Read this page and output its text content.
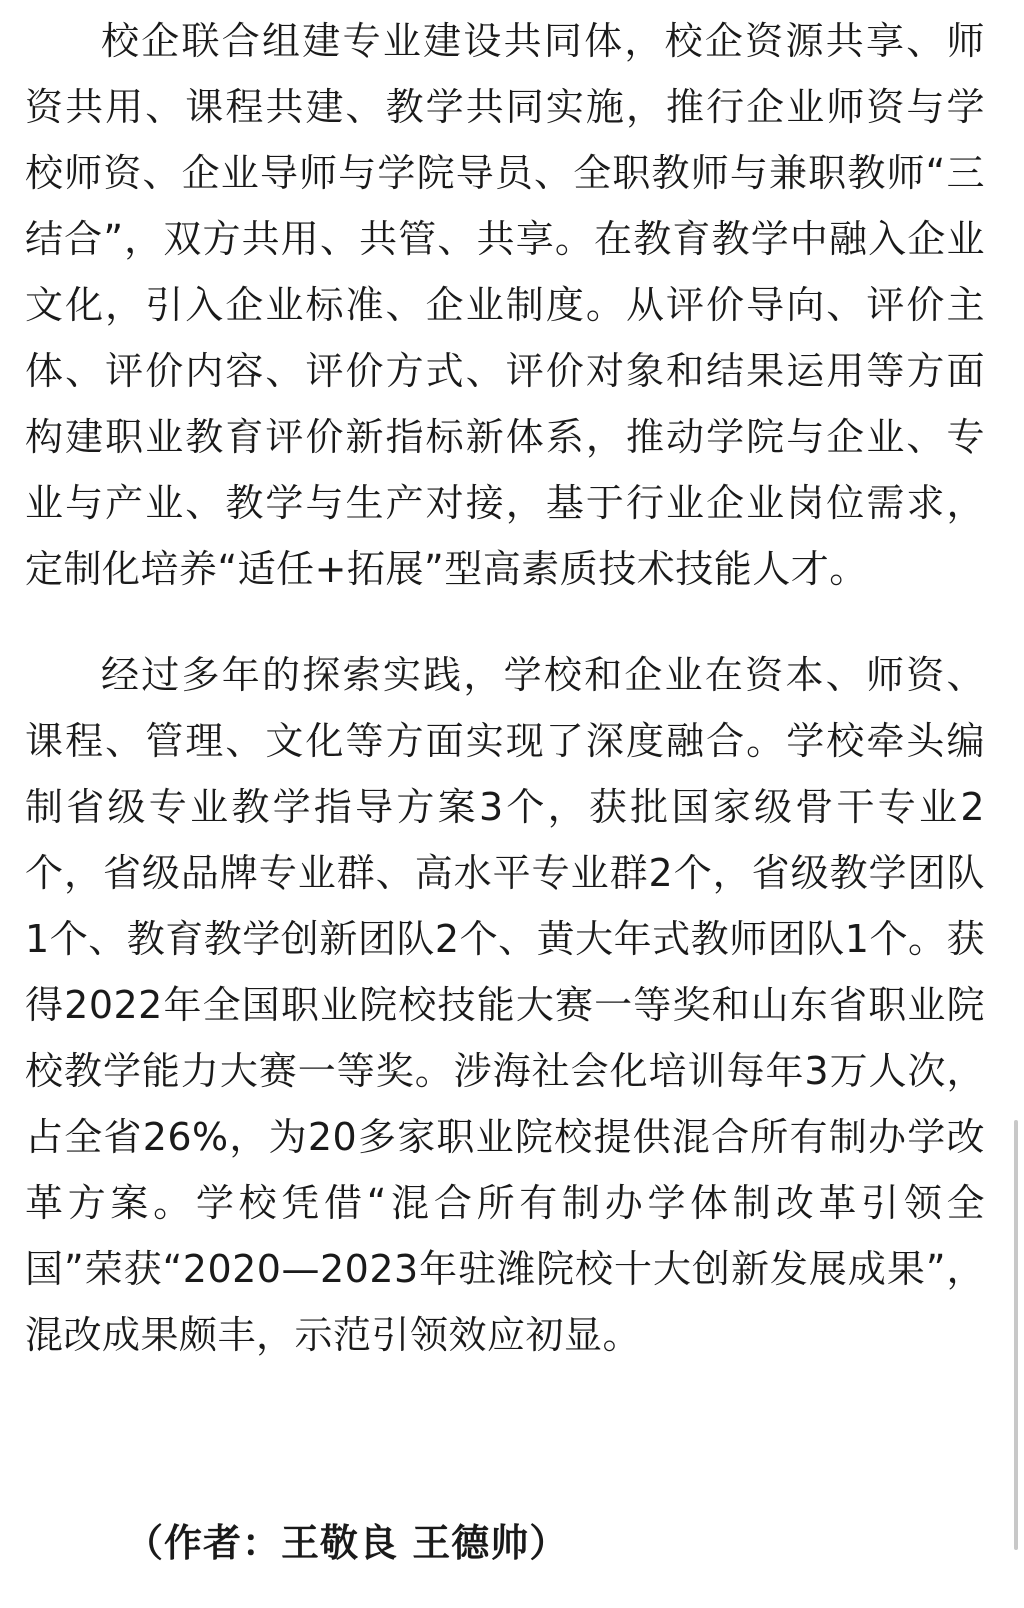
校企联合组建专业建设共同体，校企资源共享、师资共用、课程共建、教学共同实施，推行企业师资与学校师资、企业导师与学院导员、全职教师与兼职教师“三结合”，双方共用、共管、共享。在教育教学中融入企业文化，引入企业标准、企业制度。从评价导向、评价主体、评价内容、评价方式、评价对象和结果运用等方面构建职业教育评价新指标新体系，推动学院与企业、专业与产业、教学与生产对接，基于行业企业岗位需求，定制化培养“适任+拓展”型高素质技术技能人才。

经过多年的探索实践，学校和企业在资本、师资、课程、管理、文化等方面实现了深度融合。学校牵头编制省级专业教学指导方案3个，获批国家级骨干专业2个，省级品牌专业群、高水平专业群2个，省级教学团队1个、教育教学创新团队2个、黄大年式教师团队1个。获得2022年全国职业院校技能大赛一等奖和山东省职业院校教学能力大赛一等奖。涉海社会化培训每年3万人次，占全省26%，为20多家职业院校提供混合所有制办学改革方案。学校凭借“混合所有制办学体制改革引领全国”荣获“2020—2023年驻潍院校十大创新发展成果”，混改成果颇丰，示范引领效应初显。

（作者：王敬良 王德帅）
